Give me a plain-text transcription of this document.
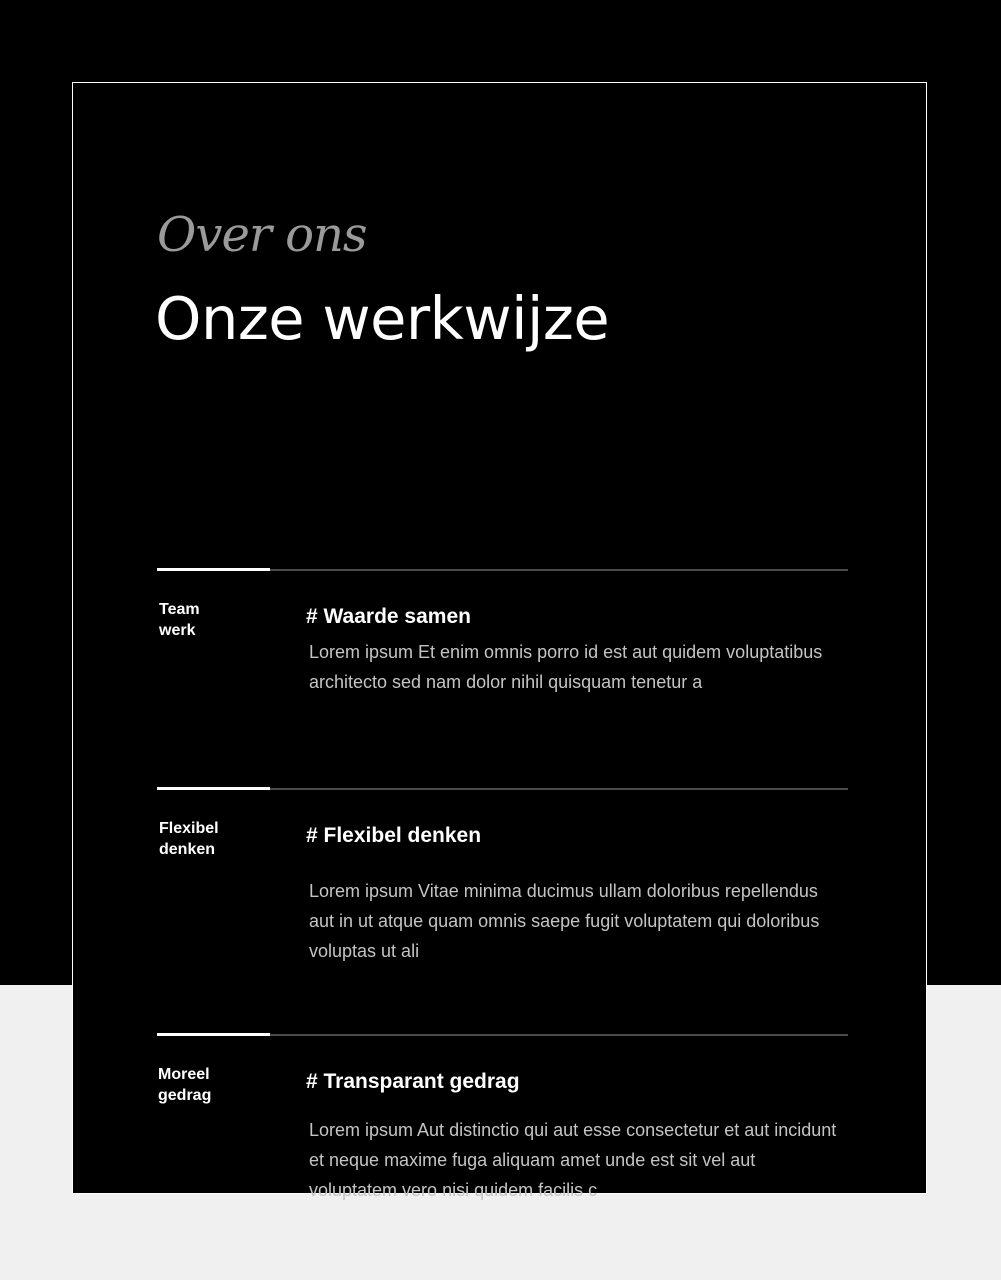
Over ons
Onze werkwijze
Team
werk
# Waarde samen

Lorem ipsum Et enim omnis porro id est aut quidem voluptatibus architecto sed nam dolor nihil quisquam tenetur a

Flexibel
denken
# Flexibel denken

Lorem ipsum Vitae minima ducimus ullam doloribus repellendus aut in ut atque quam omnis saepe fugit voluptatem qui doloribus voluptas ut ali

Moreel
gedrag
# Transparant gedrag

Lorem ipsum Aut distinctio qui aut esse consectetur et aut incidunt et neque maxime fuga aliquam amet unde est sit vel aut voluptatem vero nisi quidem facilis c
